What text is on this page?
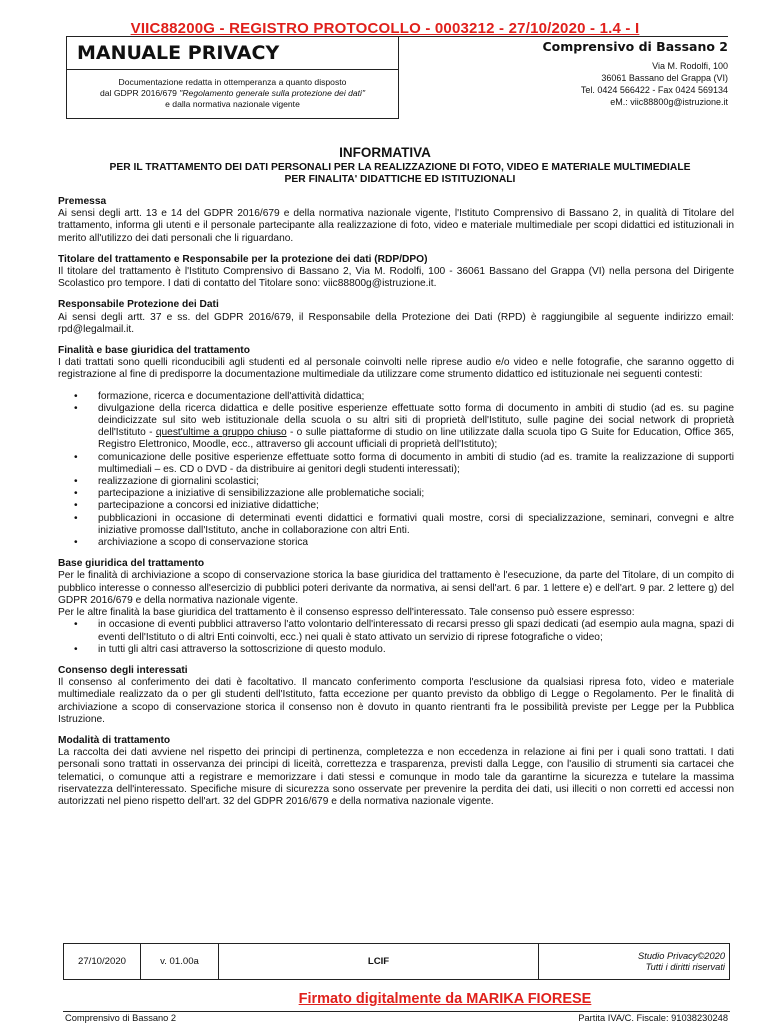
VIIC88200G - REGISTRO PROTOCOLLO - 0003212 - 27/10/2020 - 1.4 - I
MANUALE PRIVACY
Documentazione redatta in ottemperanza a quanto disposto
dal GDPR 2016/679 "Regolamento generale sulla protezione dei dati"
e dalla normativa nazionale vigente
Comprensivo di Bassano 2
Via M. Rodolfi, 100
36061 Bassano del Grappa (VI)
Tel. 0424 566422 - Fax 0424 569134
eM.: viic88800g@istruzione.it
INFORMATIVA
PER IL TRATTAMENTO DEI DATI PERSONALI PER LA REALIZZAZIONE DI FOTO, VIDEO E MATERIALE MULTIMEDIALE
PER FINALITA' DIDATTICHE ED ISTITUZIONALI
Premessa

Ai sensi degli artt. 13 e 14 del GDPR 2016/679 e della normativa nazionale vigente, l'Istituto Comprensivo di Bassano 2, in qualità di Titolare del trattamento, informa gli utenti e il personale partecipante alla realizzazione di foto, video e materiale multimediale per scopi didattici ed istituzionali in merito all'utilizzo dei dati personali che li riguardano.

Titolare del trattamento e Responsabile per la protezione dei dati (RDP/DPO)

Il titolare del trattamento è l'Istituto Comprensivo di Bassano 2, Via M. Rodolfi, 100 - 36061 Bassano del Grappa (VI) nella persona del Dirigente Scolastico pro tempore. I dati di contatto del Titolare sono: viic88800g@istruzione.it.

Responsabile Protezione dei Dati

Ai sensi degli artt. 37 e ss. del GDPR 2016/679, il Responsabile della Protezione dei Dati (RPD) è raggiungibile al seguente indirizzo email: rpd@legalmail.it.

Finalità e base giuridica del trattamento

I dati trattati sono quelli riconducibili agli studenti ed al personale coinvolti nelle riprese audio e/o video e nelle fotografie, che saranno oggetto di registrazione al fine di predisporre la documentazione multimediale da utilizzare come strumento didattico ed istituzionale nei seguenti contesti:

• formazione, ricerca e documentazione dell'attività didattica;
• divulgazione della ricerca didattica e delle positive esperienze effettuate sotto forma di documento in ambiti di studio (ad es. su pagine deindicizzate sul sito web istituzionale della scuola o su altri siti di proprietà dell'Istituto, sulle pagine dei social network di proprietà dell'Istituto - quest'ultime a gruppo chiuso - o sulle piattaforme di studio on line utilizzate dalla scuola tipo G Suite for Education, Office 365, Registro Elettronico, Moodle, ecc., attraverso gli account ufficiali di proprietà dell'Istituto);
• comunicazione delle positive esperienze effettuate sotto forma di documento in ambiti di studio (ad es. tramite la realizzazione di supporti multimediali – es. CD o DVD - da distribuire ai genitori degli studenti interessati);
• realizzazione di giornalini scolastici;
• partecipazione a iniziative di sensibilizzazione alle problematiche sociali;
• partecipazione a concorsi ed iniziative didattiche;
• pubblicazioni in occasione di determinati eventi didattici e formativi quali mostre, corsi di specializzazione, seminari, convegni e altre iniziative promosse dall'Istituto, anche in collaborazione con altri Enti.
• archiviazione a scopo di conservazione storica
Base giuridica del trattamento

Per le finalità di archiviazione a scopo di conservazione storica la base giuridica del trattamento è l'esecuzione, da parte del Titolare, di un compito di pubblico interesse o connesso all'esercizio di pubblici poteri derivante da normativa, ai sensi dell'art. 6 par. 1 lettere e) e dell'art. 9 par. 2 lettere g) del GDPR 2016/679 e della normativa nazionale vigente.

Per le altre finalità la base giuridica del trattamento è il consenso espresso dell'interessato. Tale consenso può essere espresso:

• in occasione di eventi pubblici attraverso l'atto volontario dell'interessato di recarsi presso gli spazi dedicati (ad esempio aula magna, spazi di eventi dell'Istituto o di altri Enti coinvolti, ecc.) nei quali è stato attivato un servizio di riprese fotografiche o video;
• in tutti gli altri casi attraverso la sottoscrizione di questo modulo.
Consenso degli interessati

Il consenso al conferimento dei dati è facoltativo. Il mancato conferimento comporta l'esclusione da qualsiasi ripresa foto, video e materiale multimediale realizzato da o per gli studenti dell'Istituto, fatta eccezione per quanto previsto da obbligo di Legge o Regolamento. Per le finalità di archiviazione a scopo di conservazione storica il consenso non è dovuto in quanto rientranti fra le possibilità previste per Legge per la Pubblica Istruzione.

Modalità di trattamento

La raccolta dei dati avviene nel rispetto dei principi di pertinenza, completezza e non eccedenza in relazione ai fini per i quali sono trattati. I dati personali sono trattati in osservanza dei principi di liceità, correttezza e trasparenza, previsti dalla Legge, con l'ausilio di strumenti sia cartacei che telematici, o comunque atti a registrare e memorizzare i dati stessi e comunque in modo tale da garantirne la sicurezza e tutelare la massima riservatezza dell'interessato. Specifiche misure di sicurezza sono osservate per prevenire la perdita dei dati, usi illeciti o non corretti ed accessi non autorizzati nel pieno rispetto dell'art. 32 del GDPR 2016/679 e della normativa nazionale vigente.

27/10/2020	v. 01.00a	LCIF	Studio Privacy©2020
Tutti i diritti riservati
Firmato digitalmente da MARIKA FIORESE
Comprensivo di Bassano 2	Partita IVA/C. Fiscale: 91038230248
